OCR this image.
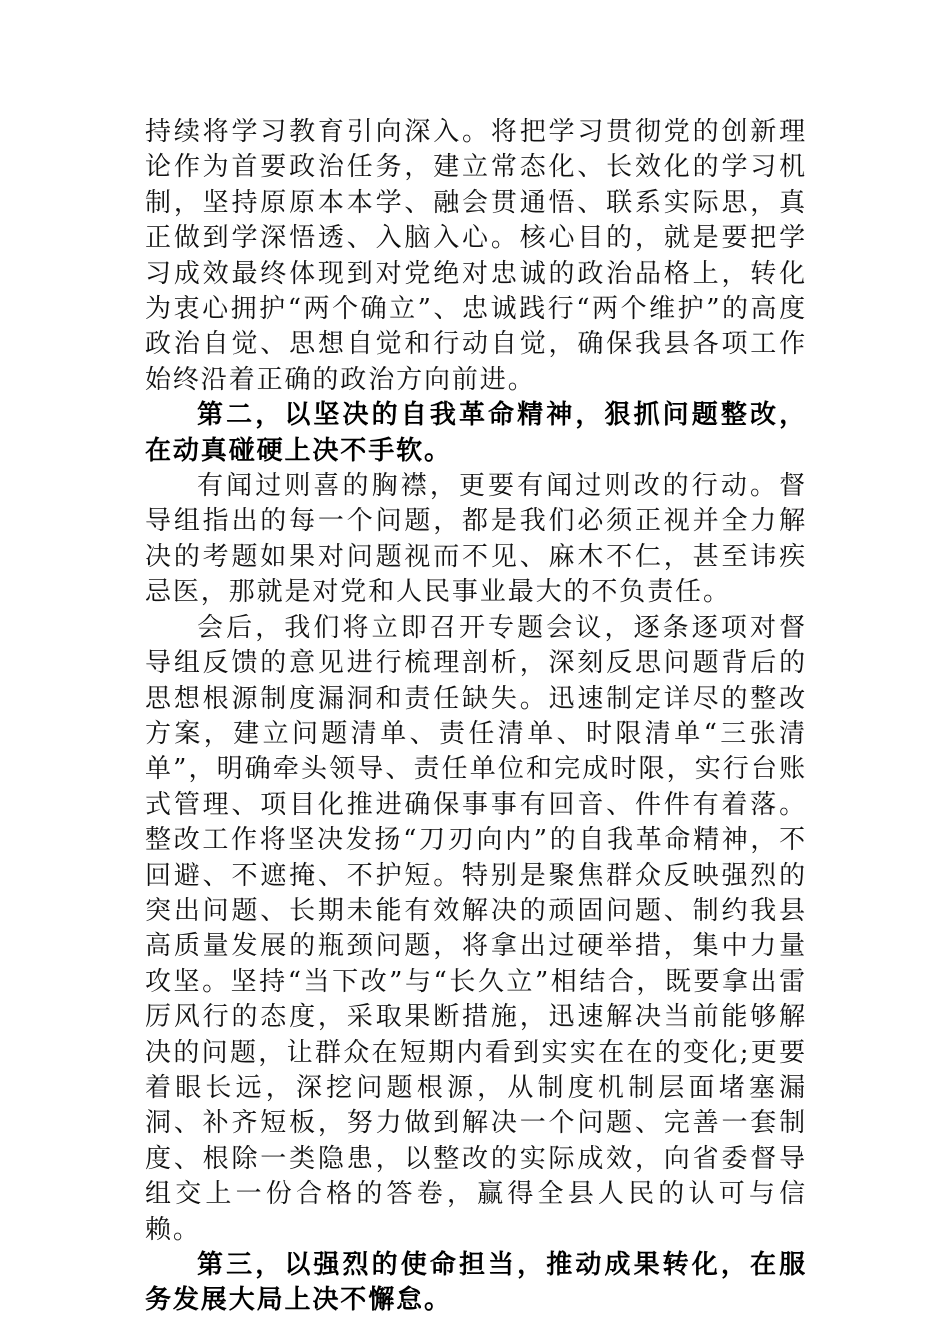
持续将学习教育引向深入。将把学习贯彻党的创新理论作为首要政治任务，建立常态化、长效化的学习机制，坚持原原本本学、融会贯通悟、联系实际思，真正做到学深悟透、入脑入心。核心目的，就是要把学习成效最终体现到对党绝对忠诚的政治品格上，转化为衷心拥护“两个确立”、忠诚践行“两个维护”的高度政治自觉、思想自觉和行动自觉，确保我县各项工作始终沿着正确的政治方向前进。

第二，以坚决的自我革命精神，狠抓问题整改，在动真碰硬上决不手软。

有闻过则喜的胸襟，更要有闻过则改的行动。督导组指出的每一个问题，都是我们必须正视并全力解决的考题如果对问题视而不见、麻木不仁，甚至讳疾忌医，那就是对党和人民事业最大的不负责任。

会后，我们将立即召开专题会议，逐条逐项对督导组反馈的意见进行梳理剖析，深刻反思问题背后的思想根源制度漏洞和责任缺失。迅速制定详尽的整改方案，建立问题清单、责任清单、时限清单“三张清单”，明确牵头领导、责任单位和完成时限，实行台账式管理、项目化推进确保事事有回音、件件有着落。整改工作将坚决发扬“刀刃向内”的自我革命精神，不回避、不遮掩、不护短。特别是聚焦群众反映强烈的突出问题、长期未能有效解决的顽固问题、制约我县高质量发展的瓶颈问题，将拿出过硬举措，集中力量攻坚。坚持“当下改”与“长久立”相结合，既要拿出雷厉风行的态度，采取果断措施，迅速解决当前能够解决的问题，让群众在短期内看到实实在在的变化;更要着眼长远，深挖问题根源，从制度机制层面堵塞漏洞、补齐短板，努力做到解决一个问题、完善一套制度、根除一类隐患，以整改的实际成效，向省委督导组交上一份合格的答卷，赢得全县人民的认可与信赖。

第三，以强烈的使命担当，推动成果转化，在服务发展大局上决不懈怠。
